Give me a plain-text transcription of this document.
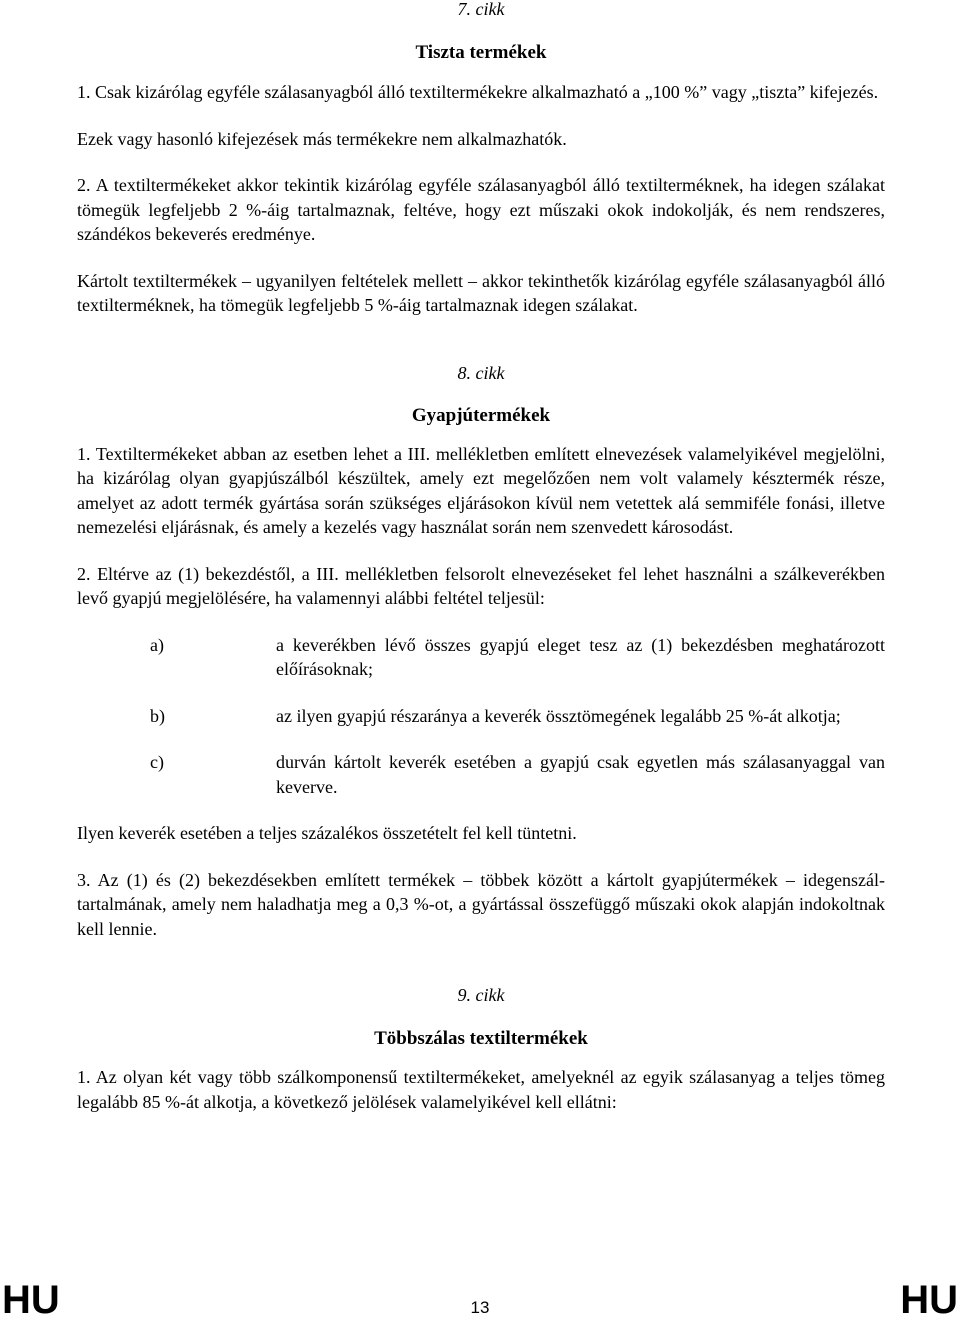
7. cikk
Tiszta termékek

1. Csak kizárólag egyféle szálasanyagból álló textiltermékekre alkalmazható a „100 %” vagy „tiszta” kifejezés.

Ezek vagy hasonló kifejezések más termékekre nem alkalmazhatók.

2. A textiltermékeket akkor tekintik kizárólag egyféle szálasanyagból álló textilterméknek, ha idegen szálakat tömegük legfeljebb 2 %-áig tartalmaznak, feltéve, hogy ezt műszaki okok indokolják, és nem rendszeres, szándékos bekeverés eredménye.

Kártolt textiltermékek – ugyanilyen feltételek mellett – akkor tekinthetők kizárólag egyféle szálasanyagból álló textilterméknek, ha tömegük legfeljebb 5 %-áig tartalmaznak idegen szálakat.

8. cikk
Gyapjútermékek

1. Textiltermékeket abban az esetben lehet a III. mellékletben említett elnevezések valamelyikével megjelölni, ha kizárólag olyan gyapjúszálból készültek, amely ezt megelőzően nem volt valamely késztermék része, amelyet az adott termék gyártása során szükséges eljárásokon kívül nem vetettek alá semmiféle fonási, illetve nemezelési eljárásnak, és amely a kezelés vagy használat során nem szenvedett károsodást.

2. Eltérve az (1) bekezdéstől, a III. mellékletben felsorolt elnevezéseket fel lehet használni a szálkeverékben levő gyapjú megjelölésére, ha valamennyi alábbi feltétel teljesül:

a)	a keverékben lévő összes gyapjú eleget tesz az (1) bekezdésben meghatározott előírásoknak;
b)	az ilyen gyapjú részaránya a keverék össztömegének legalább 25 %-át alkotja;
c)	durván kártolt keverék esetében a gyapjú csak egyetlen más szálasanyaggal van keverve.

Ilyen keverék esetében a teljes százalékos összetételt fel kell tüntetni.

3. Az (1) és (2) bekezdésekben említett termékek – többek között a kártolt gyapjútermékek – idegenszál-tartalmának, amely nem haladhatja meg a 0,3 %-ot, a gyártással összefüggő műszaki okok alapján indokoltnak kell lennie.

9. cikk
Többszálas textiltermékek

1. Az olyan két vagy több szálkomponensű textiltermékeket, amelyeknél az egyik szálasanyag a teljes tömeg legalább 85 %-át alkotja, a következő jelölések valamelyikével kell ellátni:

HU	13	HU
